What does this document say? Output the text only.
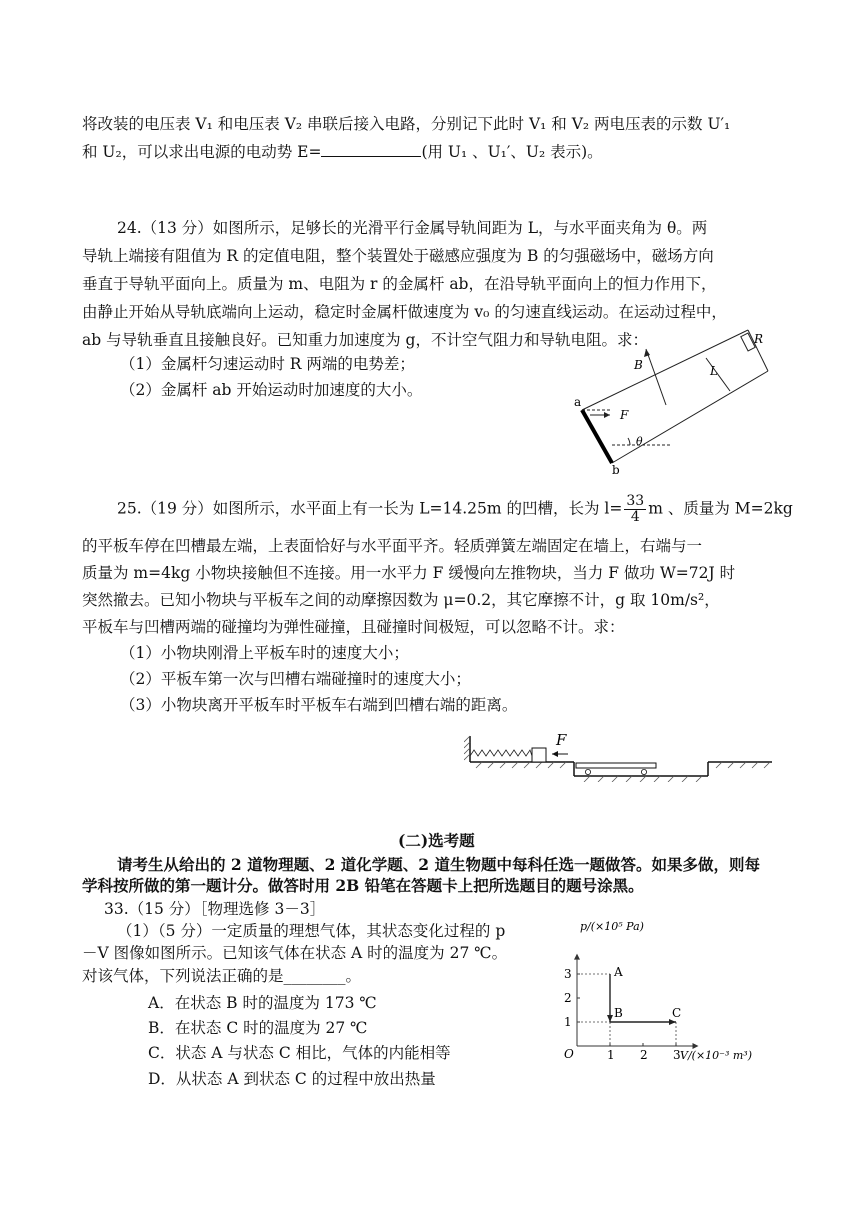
将改装的电压表 V₁ 和电压表 V₂ 串联后接入电路，分别记下此时 V₁ 和 V₂ 两电压表的示数 U′₁
和 U₂，可以求出电源的电动势 E=	(用 U₁ 、U₁′、U₂ 表示)。
24.（13 分）如图所示，足够长的光滑平行金属导轨间距为 L，与水平面夹角为 θ。两
导轨上端接有阻值为 R 的定值电阻，整个装置处于磁感应强度为 B 的匀强磁场中，磁场方向
垂直于导轨平面向上。质量为 m、电阻为 r 的金属杆 ab，在沿导轨平面向上的恒力作用下，
由静止开始从导轨底端向上运动，稳定时金属杆做速度为 v₀ 的匀速直线运动。在运动过程中，
ab 与导轨垂直且接触良好。已知重力加速度为 g，不计空气阻力和导轨电阻。求：
（1）金属杆匀速运动时 R 两端的电势差；
（2）金属杆 ab 开始运动时加速度的大小。
R
B	L
a
F
θ
b
25.（19 分）如图所示，水平面上有一长为 L=14.25m 的凹槽，长为 $l= \frac{33}{4}$ m 、质量为 M=2kg
的平板车停在凹槽最左端，上表面恰好与水平面平齐。轻质弹簧左端固定在墙上，右端与一
质量为 m=4kg 小物块接触但不连接。用一水平力 F 缓慢向左推物块，当力 F 做功 W=72J 时
突然撤去。已知小物块与平板车之间的动摩擦因数为 μ=0.2，其它摩擦不计，g 取 10m/s²，
平板车与凹槽两端的碰撞均为弹性碰撞，且碰撞时间极短，可以忽略不计。求：
（1）小物块刚滑上平板车时的速度大小；
（2）平板车第一次与凹槽右端碰撞时的速度大小；
（3）小物块离开平板车时平板车右端到凹槽右端的距离。
F
(二)选考题
请考生从给出的 2 道物理题、2 道化学题、2 道生物题中每科任选一题做答。如果多做，则每
学科按所做的第一题计分。做答时用 2B 铅笔在答题卡上把所选题目的题号涂黑。
33.（15 分）［物理选修 3－3］
（1）（5 分）一定质量的理想气体，其状态变化过程的 p
－V 图像如图所示。已知该气体在状态 A 时的温度为 27 ℃。
对该气体，下列说法正确的是________。
A．在状态 B 时的温度为 173 ℃
B．在状态 C 时的温度为 27 ℃
C．状态 A 与状态 C 相比，气体的内能相等
D．从状态 A 到状态 C 的过程中放出热量
p/(×10⁵ Pa)
V/(×10⁻³ m³)
O	1 2 3
1
2
3	A
B	C
